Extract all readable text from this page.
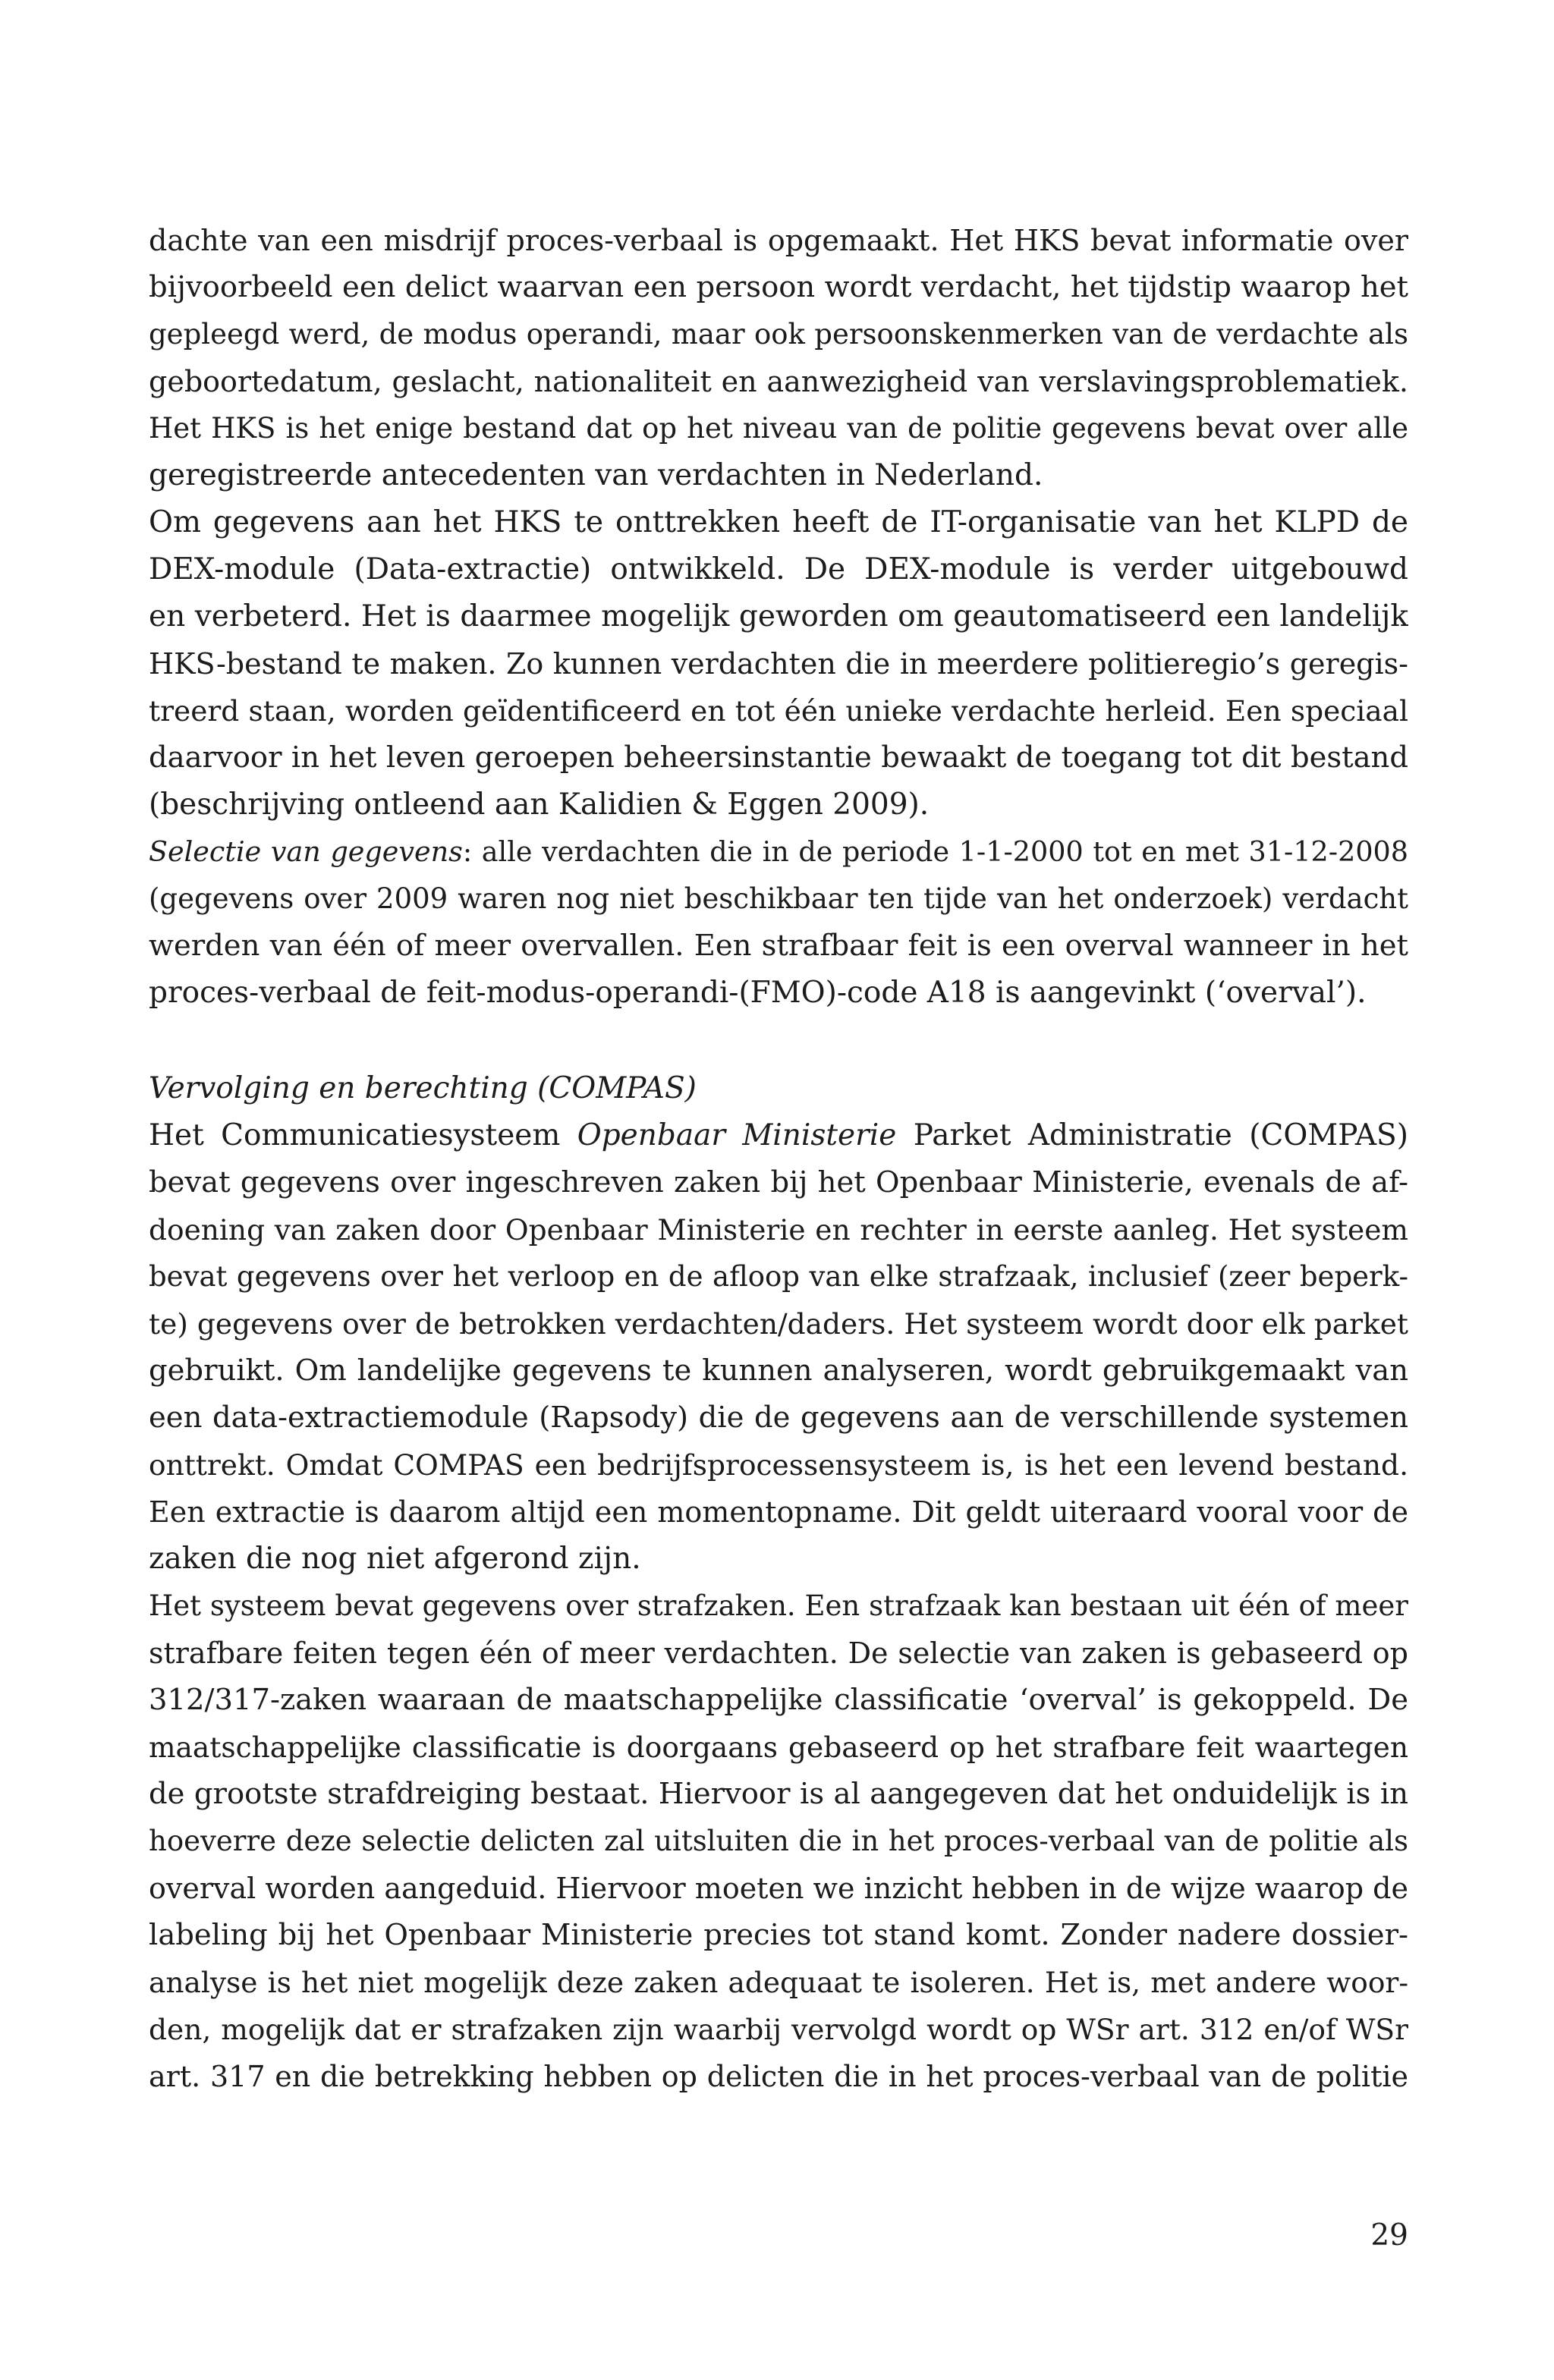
dachte van een misdrijf proces-verbaal is opgemaakt. Het HKS bevat informatie over
bijvoorbeeld een delict waarvan een persoon wordt verdacht, het tijdstip waarop het
gepleegd werd, de modus operandi, maar ook persoonskenmerken van de verdachte als
geboortedatum, geslacht, nationaliteit en aanwezigheid van verslavingsproblematiek.
Het HKS is het enige bestand dat op het niveau van de politie gegevens bevat over alle
geregistreerde antecedenten van verdachten in Nederland.
Om gegevens aan het HKS te onttrekken heeft de IT-organisatie van het KLPD de
DEX-module (Data-extractie) ontwikkeld. De DEX-module is verder uitgebouwd
en verbeterd. Het is daarmee mogelijk geworden om geautomatiseerd een landelijk
HKS-bestand te maken. Zo kunnen verdachten die in meerdere politieregio’s geregis-
treerd staan, worden geïdentificeerd en tot één unieke verdachte herleid. Een speciaal
daarvoor in het leven geroepen beheersinstantie bewaakt de toegang tot dit bestand
(beschrijving ontleend aan Kalidien & Eggen 2009).
Selectie van gegevens: alle verdachten die in de periode 1-1-2000 tot en met 31-12-2008
(gegevens over 2009 waren nog niet beschikbaar ten tijde van het onderzoek) verdacht
werden van één of meer overvallen. Een strafbaar feit is een overval wanneer in het
proces-verbaal de feit-modus-operandi-(FMO)-code A18 is aangevinkt (‘overval’).
Vervolging en berechting (COMPAS)
Het Communicatiesysteem Openbaar Ministerie Parket Administratie (COMPAS)
bevat gegevens over ingeschreven zaken bij het Openbaar Ministerie, evenals de af-
doening van zaken door Openbaar Ministerie en rechter in eerste aanleg. Het systeem
bevat gegevens over het verloop en de afloop van elke strafzaak, inclusief (zeer beperk-
te) gegevens over de betrokken verdachten/daders. Het systeem wordt door elk parket
gebruikt. Om landelijke gegevens te kunnen analyseren, wordt gebruikgemaakt van
een data-extractiemodule (Rapsody) die de gegevens aan de verschillende systemen
onttrekt. Omdat COMPAS een bedrijfsprocessensysteem is, is het een levend bestand.
Een extractie is daarom altijd een momentopname. Dit geldt uiteraard vooral voor de
zaken die nog niet afgerond zijn.
Het systeem bevat gegevens over strafzaken. Een strafzaak kan bestaan uit één of meer
strafbare feiten tegen één of meer verdachten. De selectie van zaken is gebaseerd op
312/317-zaken waaraan de maatschappelijke classificatie ‘overval’ is gekoppeld. De
maatschappelijke classificatie is doorgaans gebaseerd op het strafbare feit waartegen
de grootste strafdreiging bestaat. Hiervoor is al aangegeven dat het onduidelijk is in
hoeverre deze selectie delicten zal uitsluiten die in het proces-verbaal van de politie als
overval worden aangeduid. Hiervoor moeten we inzicht hebben in de wijze waarop de
labeling bij het Openbaar Ministerie precies tot stand komt. Zonder nadere dossier-
analyse is het niet mogelijk deze zaken adequaat te isoleren. Het is, met andere woor-
den, mogelijk dat er strafzaken zijn waarbij vervolgd wordt op WSr art. 312 en/of WSr
art. 317 en die betrekking hebben op delicten die in het proces-verbaal van de politie
29
